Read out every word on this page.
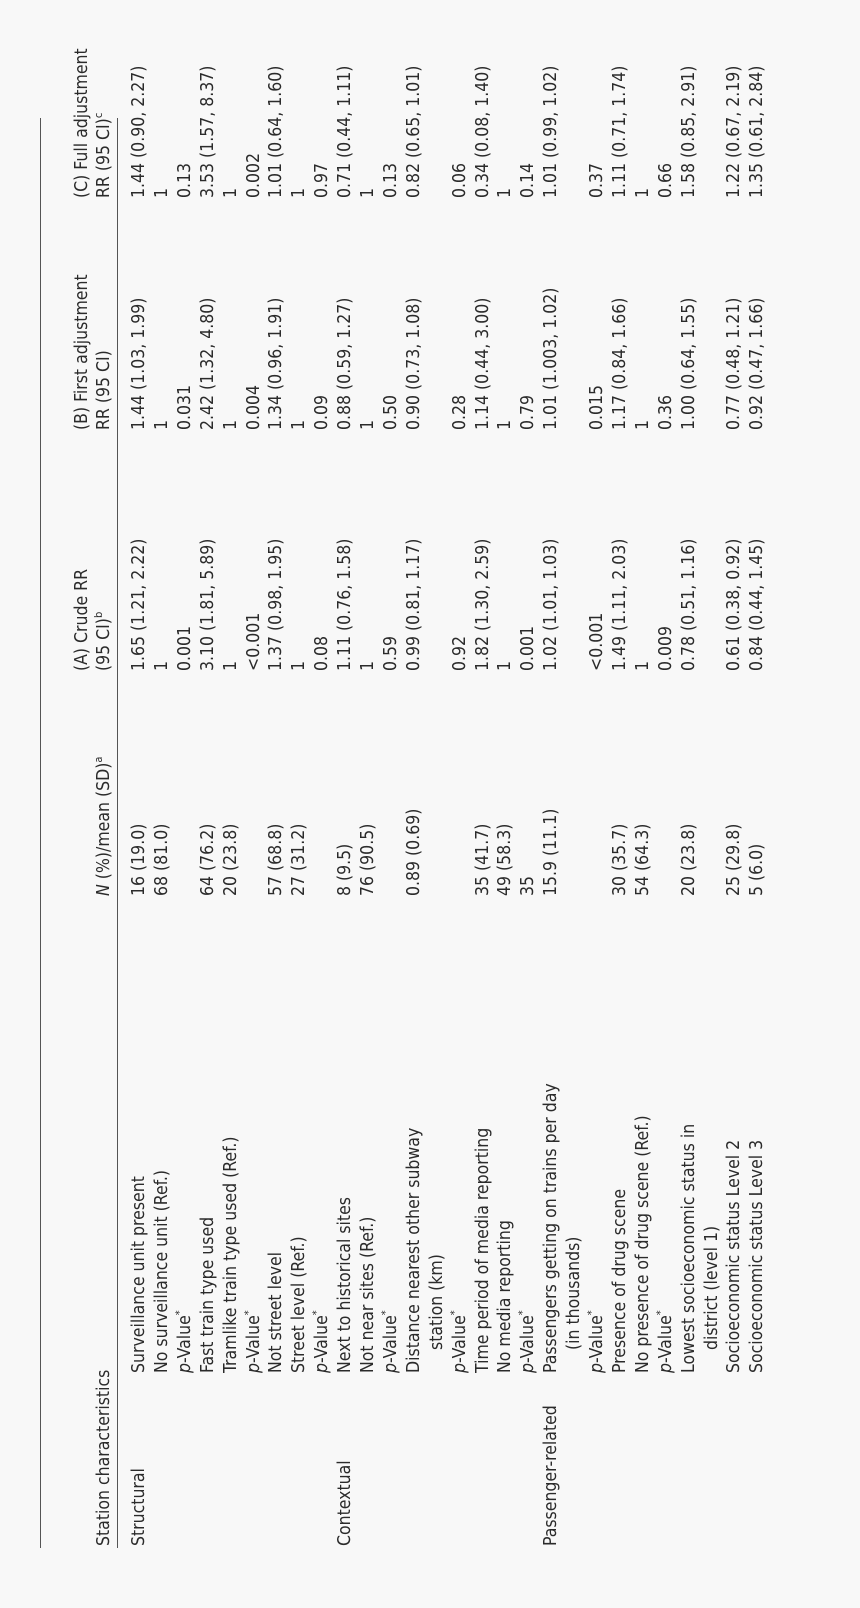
Station characteristics
N (%)/mean (SD)$^a$
(A) Crude RR (95 CI)$^b$
(B) First adjustment RR (95 CI)
(C) Full adjustment RR (95 CI)$^c$
Structural
Surveillance unit present
16 (19.0)
1.65 (1.21, 2.22)
1.44 (1.03, 1.99)
1.44 (0.90, 2.27)
No surveillance unit (Ref.)
68 (81.0)
1
1
1
p-Value*
0.001
0.031
0.13
Fast train type used
64 (76.2)
3.10 (1.81, 5.89)
2.42 (1.32, 4.80)
3.53 (1.57, 8.37)
Tramlike train type used (Ref.)
20 (23.8)
1
1
1
p-Value*
<0.001
0.004
0.002
Not street level
57 (68.8)
1.37 (0.98, 1.95)
1.34 (0.96, 1.91)
1.01 (0.64, 1.60)
Street level (Ref.)
27 (31.2)
1
1
1
p-Value*
0.08
0.09
0.97
Contextual
Next to historical sites
8 (9.5)
1.11 (0.76, 1.58)
0.88 (0.59, 1.27)
0.71 (0.44, 1.11)
Not near sites (Ref.)
76 (90.5)
1
1
1
p-Value*
0.59
0.50
0.13
Distance nearest other subway
0.89 (0.69)
0.99 (0.81, 1.17)
0.90 (0.73, 1.08)
0.82 (0.65, 1.01)
station (km)
p-Value*
0.92
0.28
0.06
Time period of media reporting
35 (41.7)
1.82 (1.30, 2.59)
1.14 (0.44, 3.00)
0.34 (0.08, 1.40)
No media reporting
49 (58.3)
1
1
1
p-Value*
35
0.001
0.79
0.14
Passenger-related
Passengers getting on trains per day
15.9 (11.1)
1.02 (1.01, 1.03)
1.01 (1.003, 1.02)
1.01 (0.99, 1.02)
(in thousands)
p-Value*
<0.001
0.015
0.37
Presence of drug scene
30 (35.7)
1.49 (1.11, 2.03)
1.17 (0.84, 1.66)
1.11 (0.71, 1.74)
No presence of drug scene (Ref.)
54 (64.3)
1
1
1
p-Value*
0.009
0.36
0.66
Lowest socioeconomic status in
20 (23.8)
0.78 (0.51, 1.16)
1.00 (0.64, 1.55)
1.58 (0.85, 2.91)
district (level 1) Socioeconomic status Level 2
25 (29.8)
0.61 (0.38, 0.92)
0.77 (0.48, 1.21)
1.22 (0.67, 2.19)
Socioeconomic status Level 3
5 (6.0)
0.84 (0.44, 1.45)
0.92 (0.47, 1.66)
1.35 (0.61, 2.84)
